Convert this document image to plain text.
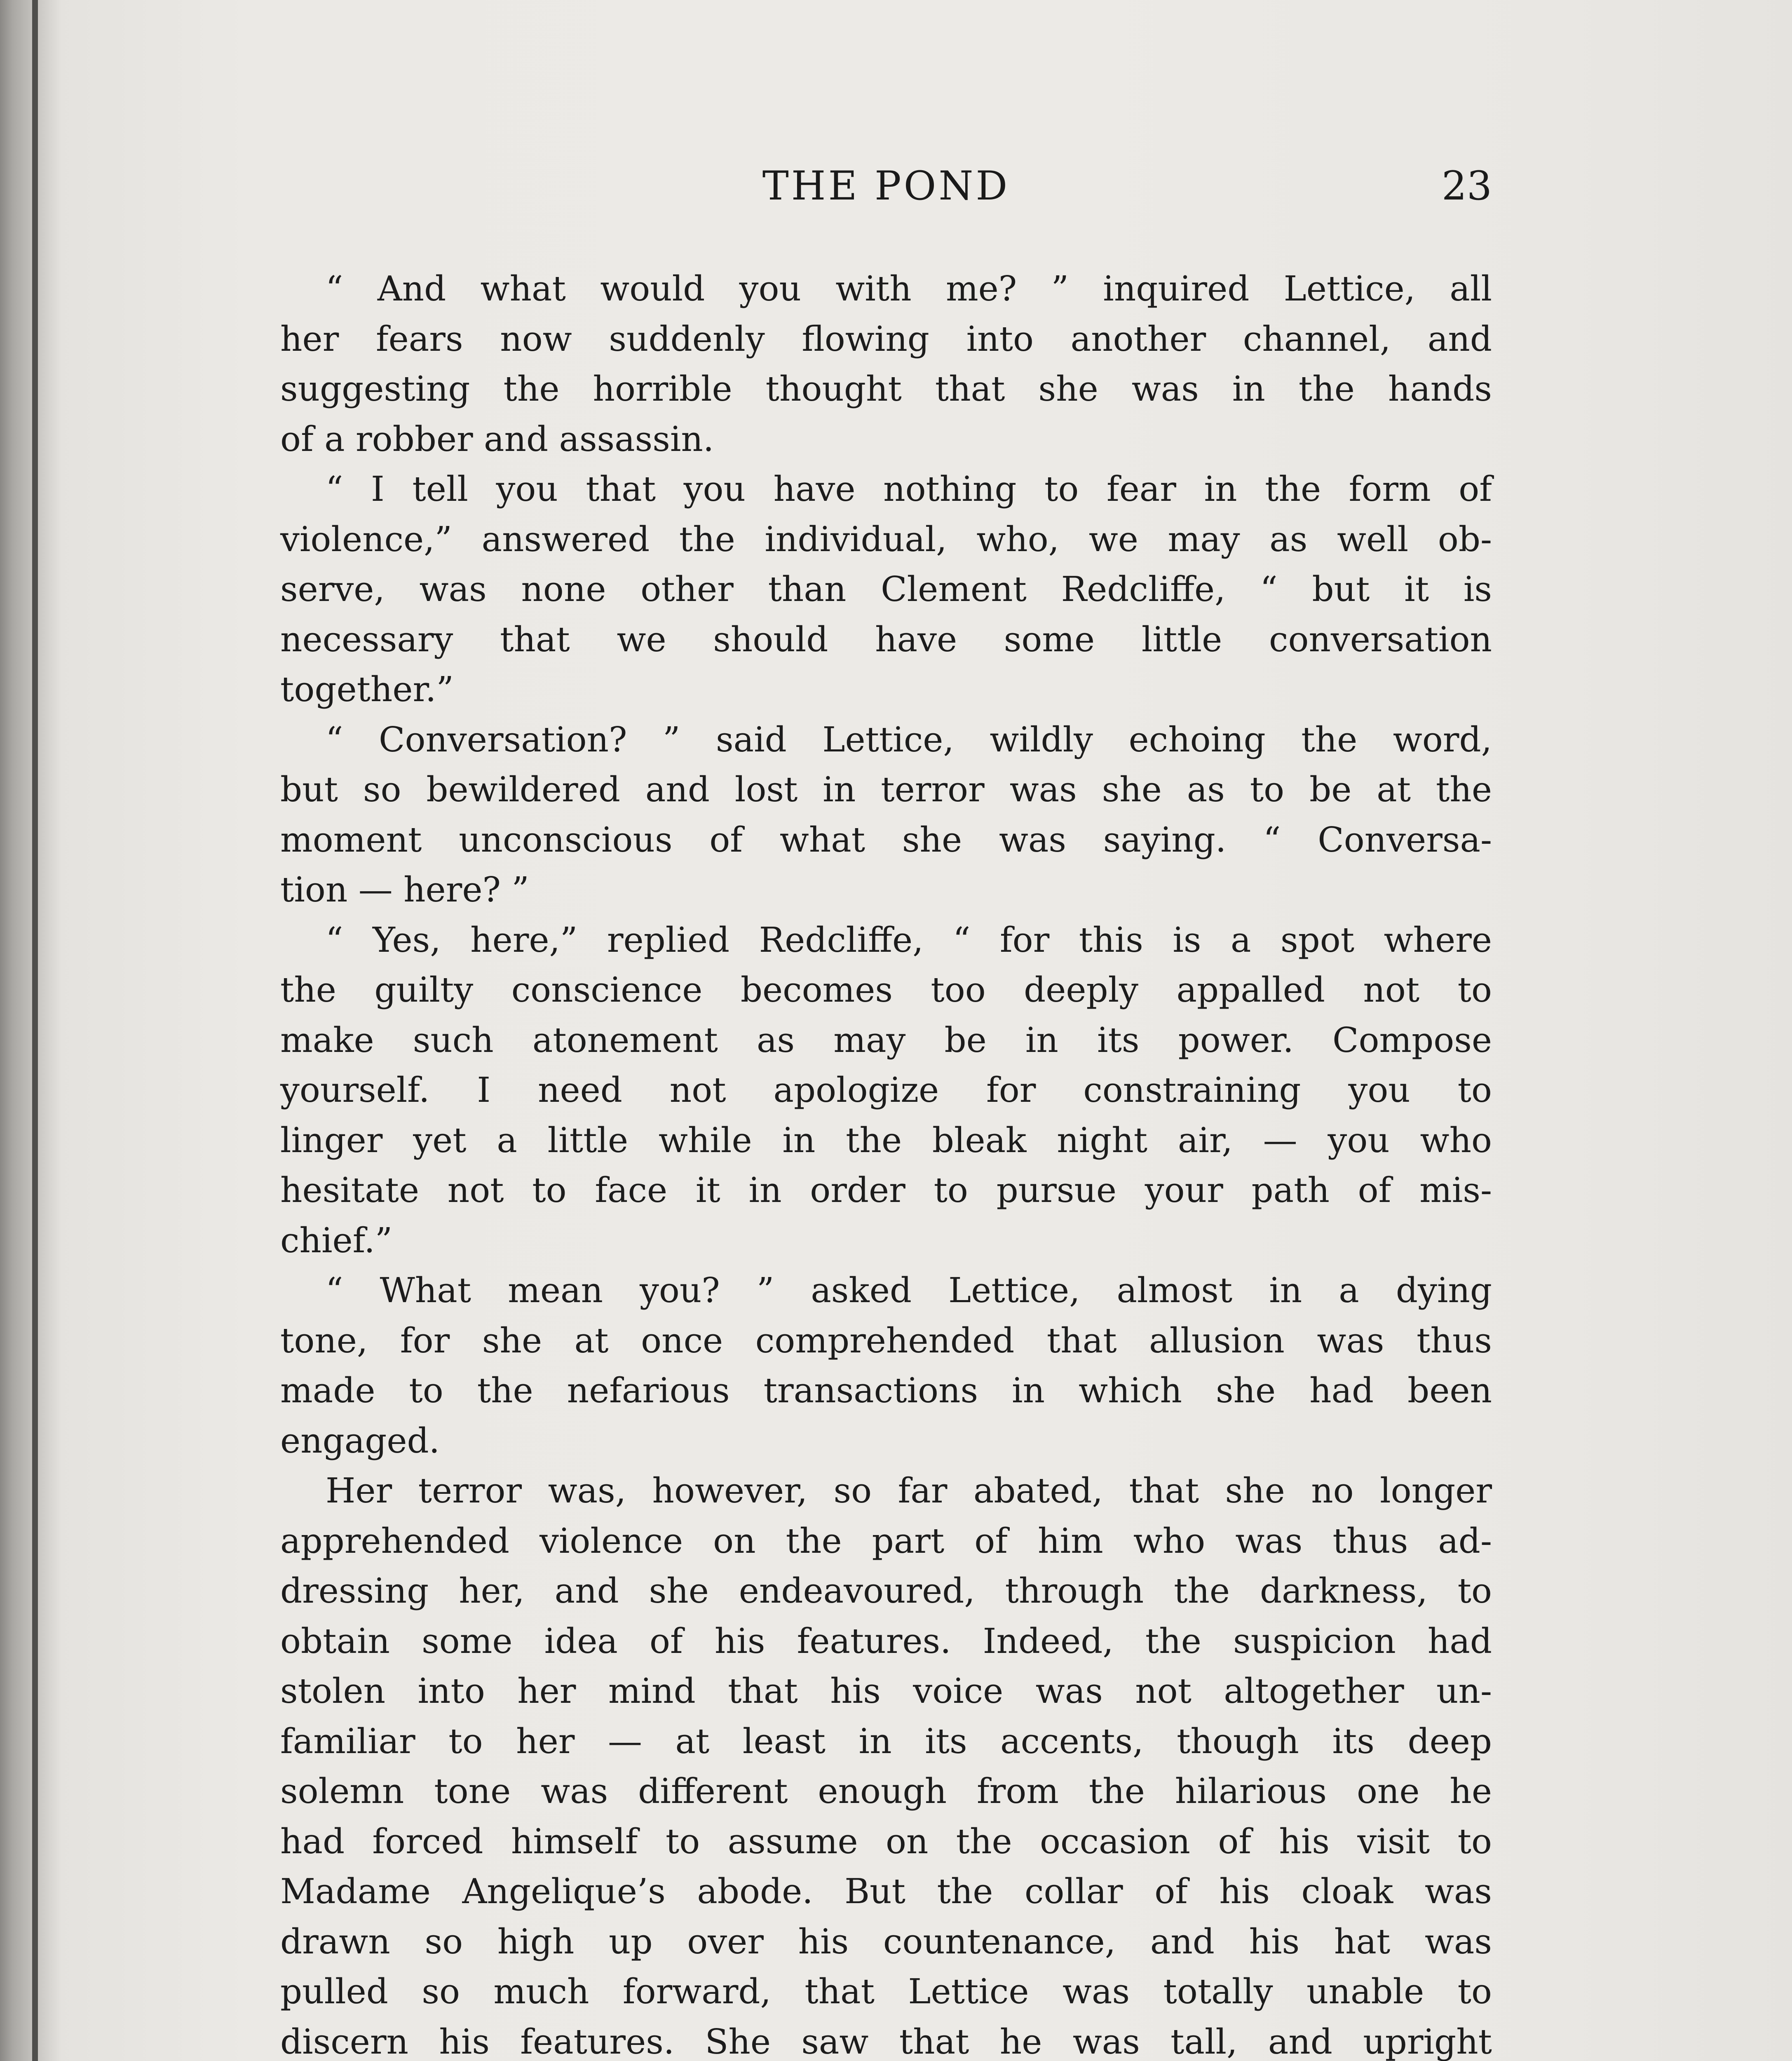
THE POND	23
“ And what would you with me? ” inquired Lettice, all
her fears now suddenly flowing into another channel, and
suggesting the horrible thought that she was in the hands
of a robber and assassin.
“ I tell you that you have nothing to fear in the form of
violence,” answered the individual, who, we may as well ob-
serve, was none other than Clement Redcliffe, “ but it is
necessary that we should have some little conversation
together.”
“ Conversation? ” said Lettice, wildly echoing the word,
but so bewildered and lost in terror was she as to be at the
moment unconscious of what she was saying. “ Conversa-
tion — here? ”
“ Yes, here,” replied Redcliffe, “ for this is a spot where
the guilty conscience becomes too deeply appalled not to
make such atonement as may be in its power. Compose
yourself. I need not apologize for constraining you to
linger yet a little while in the bleak night air, — you who
hesitate not to face it in order to pursue your path of mis-
chief.”
“ What mean you? ” asked Lettice, almost in a dying
tone, for she at once comprehended that allusion was thus
made to the nefarious transactions in which she had been
engaged.
Her terror was, however, so far abated, that she no longer
apprehended violence on the part of him who was thus ad-
dressing her, and she endeavoured, through the darkness, to
obtain some idea of his features. Indeed, the suspicion had
stolen into her mind that his voice was not altogether un-
familiar to her — at least in its accents, though its deep
solemn tone was different enough from the hilarious one he
had forced himself to assume on the occasion of his visit to
Madame Angelique’s abode. But the collar of his cloak was
drawn so high up over his countenance, and his hat was
pulled so much forward, that Lettice was totally unable to
discern his features. She saw that he was tall, and upright
